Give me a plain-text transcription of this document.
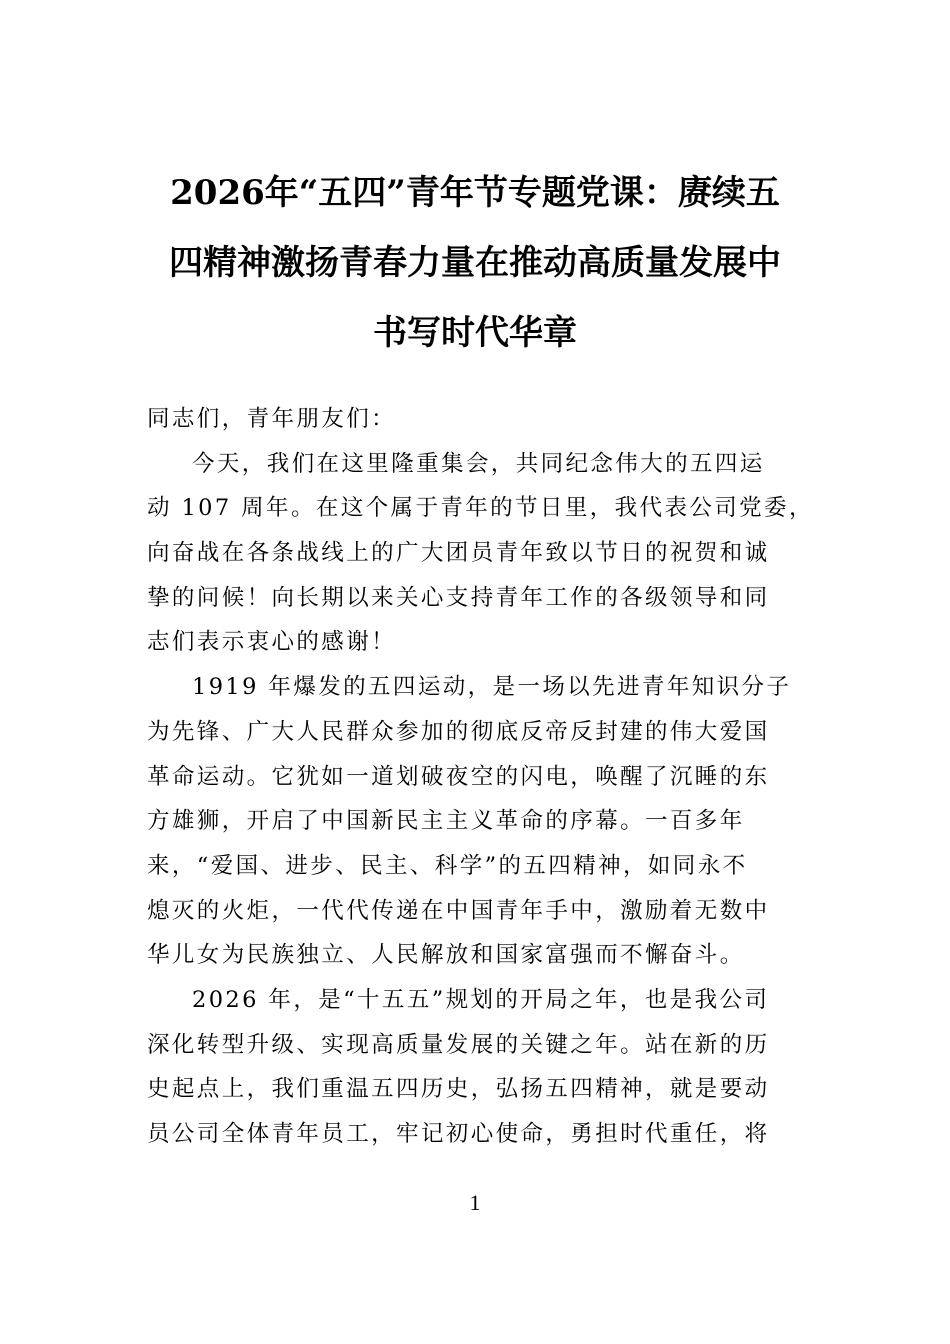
2026年“五四”青年节专题党课：赓续五
四精神激扬青春力量在推动高质量发展中
书写时代华章
同志们，青年朋友们：
今天，我们在这里隆重集会，共同纪念伟大的五四运
动 107 周年。在这个属于青年的节日里，我代表公司党委，
向奋战在各条战线上的广大团员青年致以节日的祝贺和诚
挚的问候！向长期以来关心支持青年工作的各级领导和同
志们表示衷心的感谢！
1919 年爆发的五四运动，是一场以先进青年知识分子
为先锋、广大人民群众参加的彻底反帝反封建的伟大爱国
革命运动。它犹如一道划破夜空的闪电，唤醒了沉睡的东
方雄狮，开启了中国新民主主义革命的序幕。一百多年
来，“爱国、进步、民主、科学”的五四精神，如同永不
熄灭的火炬，一代代传递在中国青年手中，激励着无数中
华儿女为民族独立、人民解放和国家富强而不懈奋斗。
2026 年，是“十五五”规划的开局之年，也是我公司
深化转型升级、实现高质量发展的关键之年。站在新的历
史起点上，我们重温五四历史，弘扬五四精神，就是要动
员公司全体青年员工，牢记初心使命，勇担时代重任，将
1
